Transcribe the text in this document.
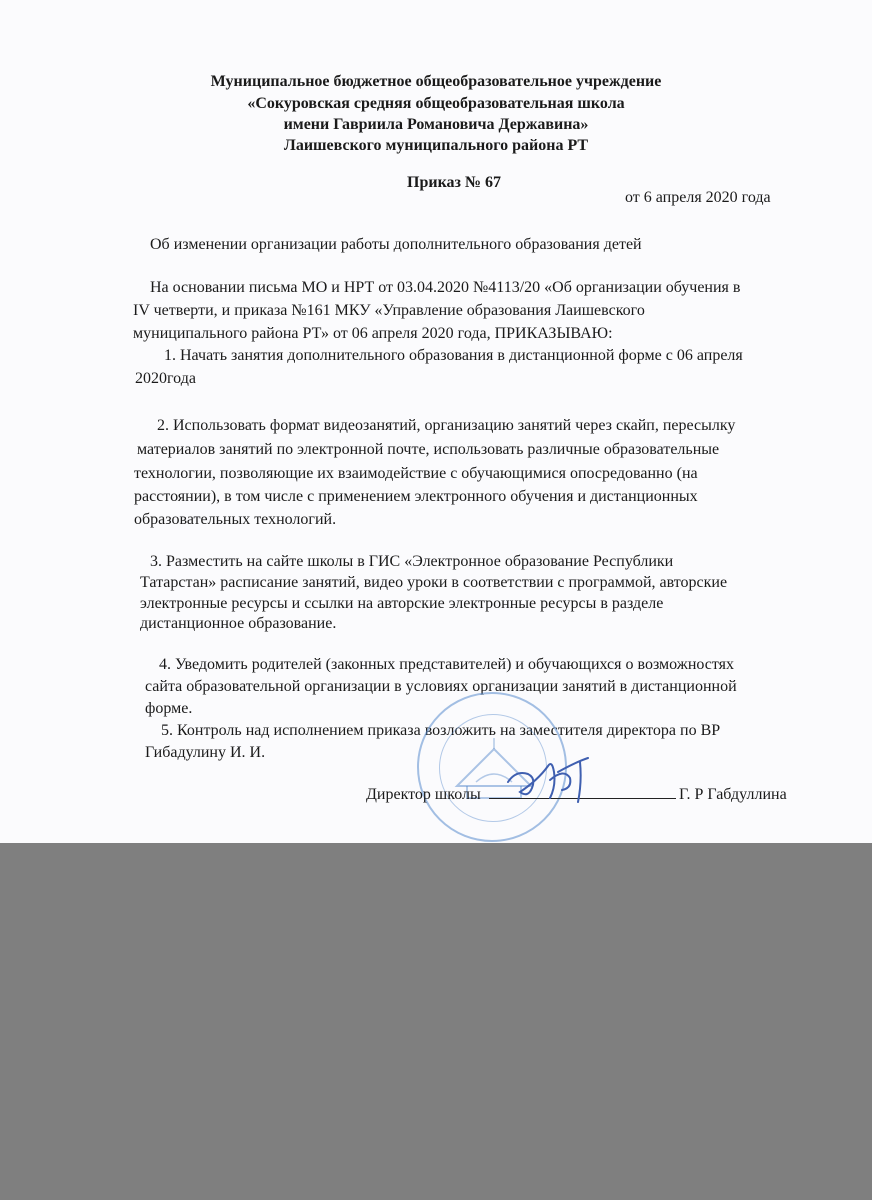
Муниципальное бюджетное общеобразовательное учреждение
«Сокуровская средняя общеобразовательная школа
имени Гавриила Романовича Державина»
Лаишевского муниципального района РТ
Приказ № 67
от 6 апреля 2020 года
Об изменении организации работы дополнительного образования детей
На основании письма МО и НРТ от 03.04.2020 №4113/20 «Об организации обучения в
IV четверти, и приказа №161 МКУ «Управление образования Лаишевского
муниципального района РТ» от 06 апреля 2020 года, ПРИКАЗЫВАЮ:
1. Начать занятия дополнительного образования в дистанционной форме с 06 апреля
2020года
2. Использовать формат видеозанятий, организацию занятий через скайп, пересылку
материалов занятий по электронной почте, использовать различные образовательные
технологии, позволяющие их взаимодействие с обучающимися опосредованно (на
расстоянии), в том числе с применением электронного обучения и дистанционных
образовательных технологий.
3. Разместить на сайте школы в ГИС «Электронное образование Республики
Татарстан» расписание занятий, видео уроки в соответствии с программой, авторские
электронные ресурсы и ссылки на авторские электронные ресурсы в разделе
дистанционное образование.
4. Уведомить родителей (законных представителей) и обучающихся о возможностях
сайта образовательной организации в условиях организации занятий в дистанционной
форме.
5. Контроль над исполнением приказа возложить на заместителя директора по ВР
Гибадулину И. И.
Директор школы	Г. Р Габдуллина
